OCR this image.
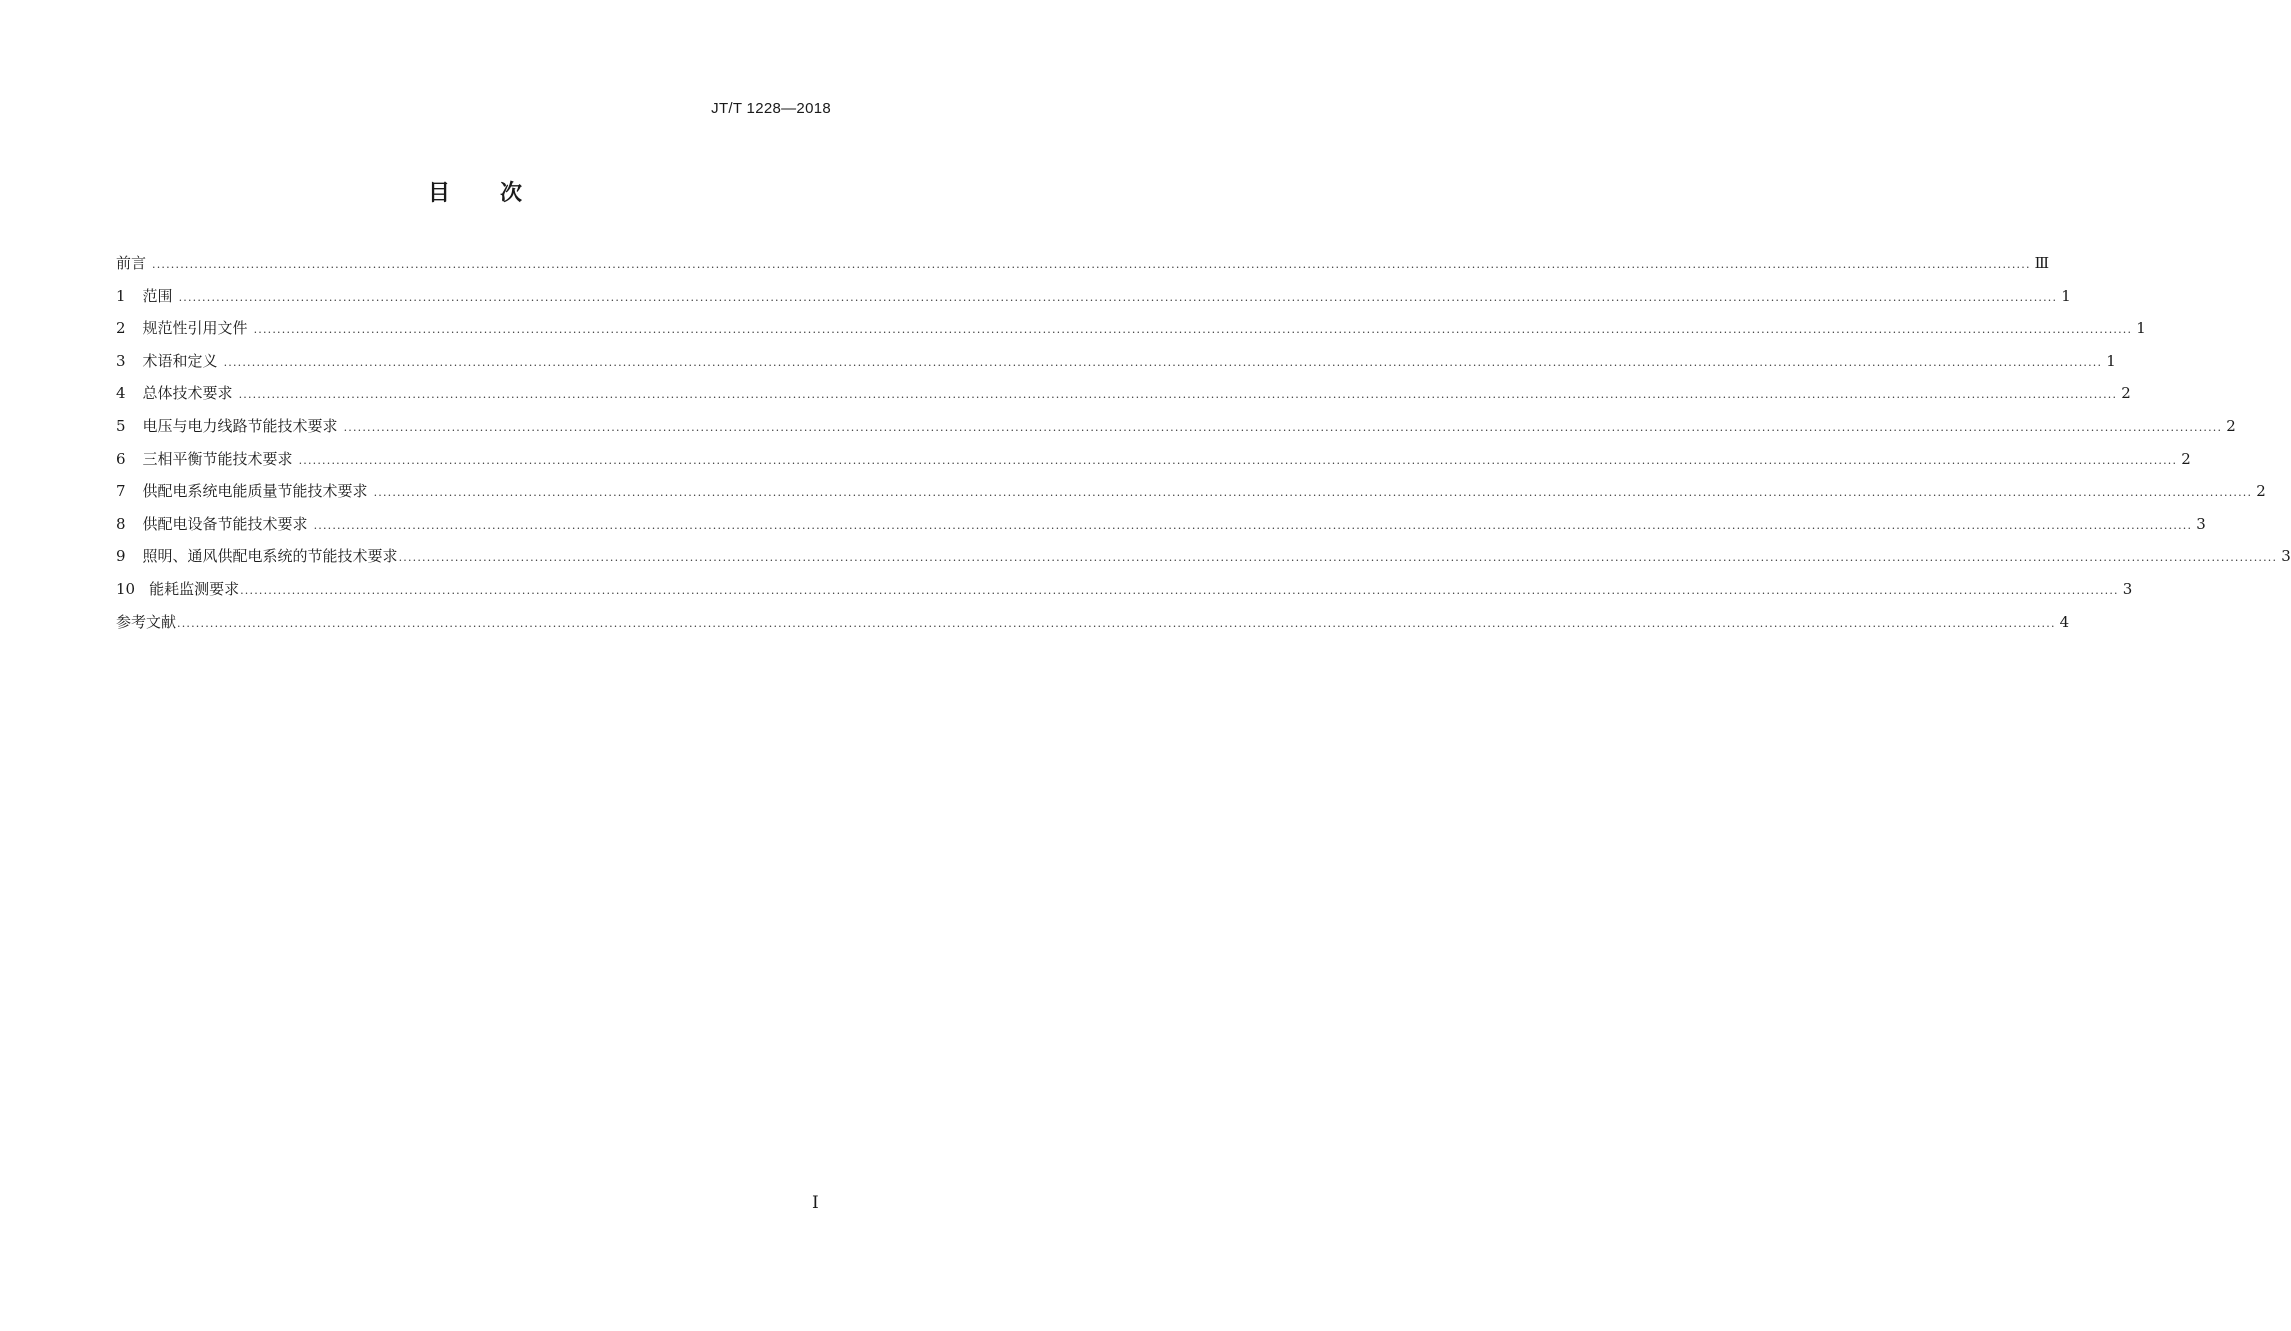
JT/T 1228—2018
目 次
前言 ................................................................................................................................................................................................................................................................................................................................................................................................................ Ⅲ
1 范围 ................................................................................................................................................................................................................................................................................................................................................................................................................ 1
2 规范性引用文件 ................................................................................................................................................................................................................................................................................................................................................................................................................ 1
3 术语和定义 ................................................................................................................................................................................................................................................................................................................................................................................................................ 1
4 总体技术要求 ................................................................................................................................................................................................................................................................................................................................................................................................................ 2
5 电压与电力线路节能技术要求 ................................................................................................................................................................................................................................................................................................................................................................................................................ 2
6 三相平衡节能技术要求 ................................................................................................................................................................................................................................................................................................................................................................................................................ 2
7 供配电系统电能质量节能技术要求 ................................................................................................................................................................................................................................................................................................................................................................................................................ 2
8 供配电设备节能技术要求 ................................................................................................................................................................................................................................................................................................................................................................................................................ 3
9 照明、通风供配电系统的节能技术要求 ................................................................................................................................................................................................................................................................................................................................................................................................................ 3
10 能耗监测要求 ................................................................................................................................................................................................................................................................................................................................................................................................................ 3
参考文献 ................................................................................................................................................................................................................................................................................................................................................................................................................ 4
Ⅰ
